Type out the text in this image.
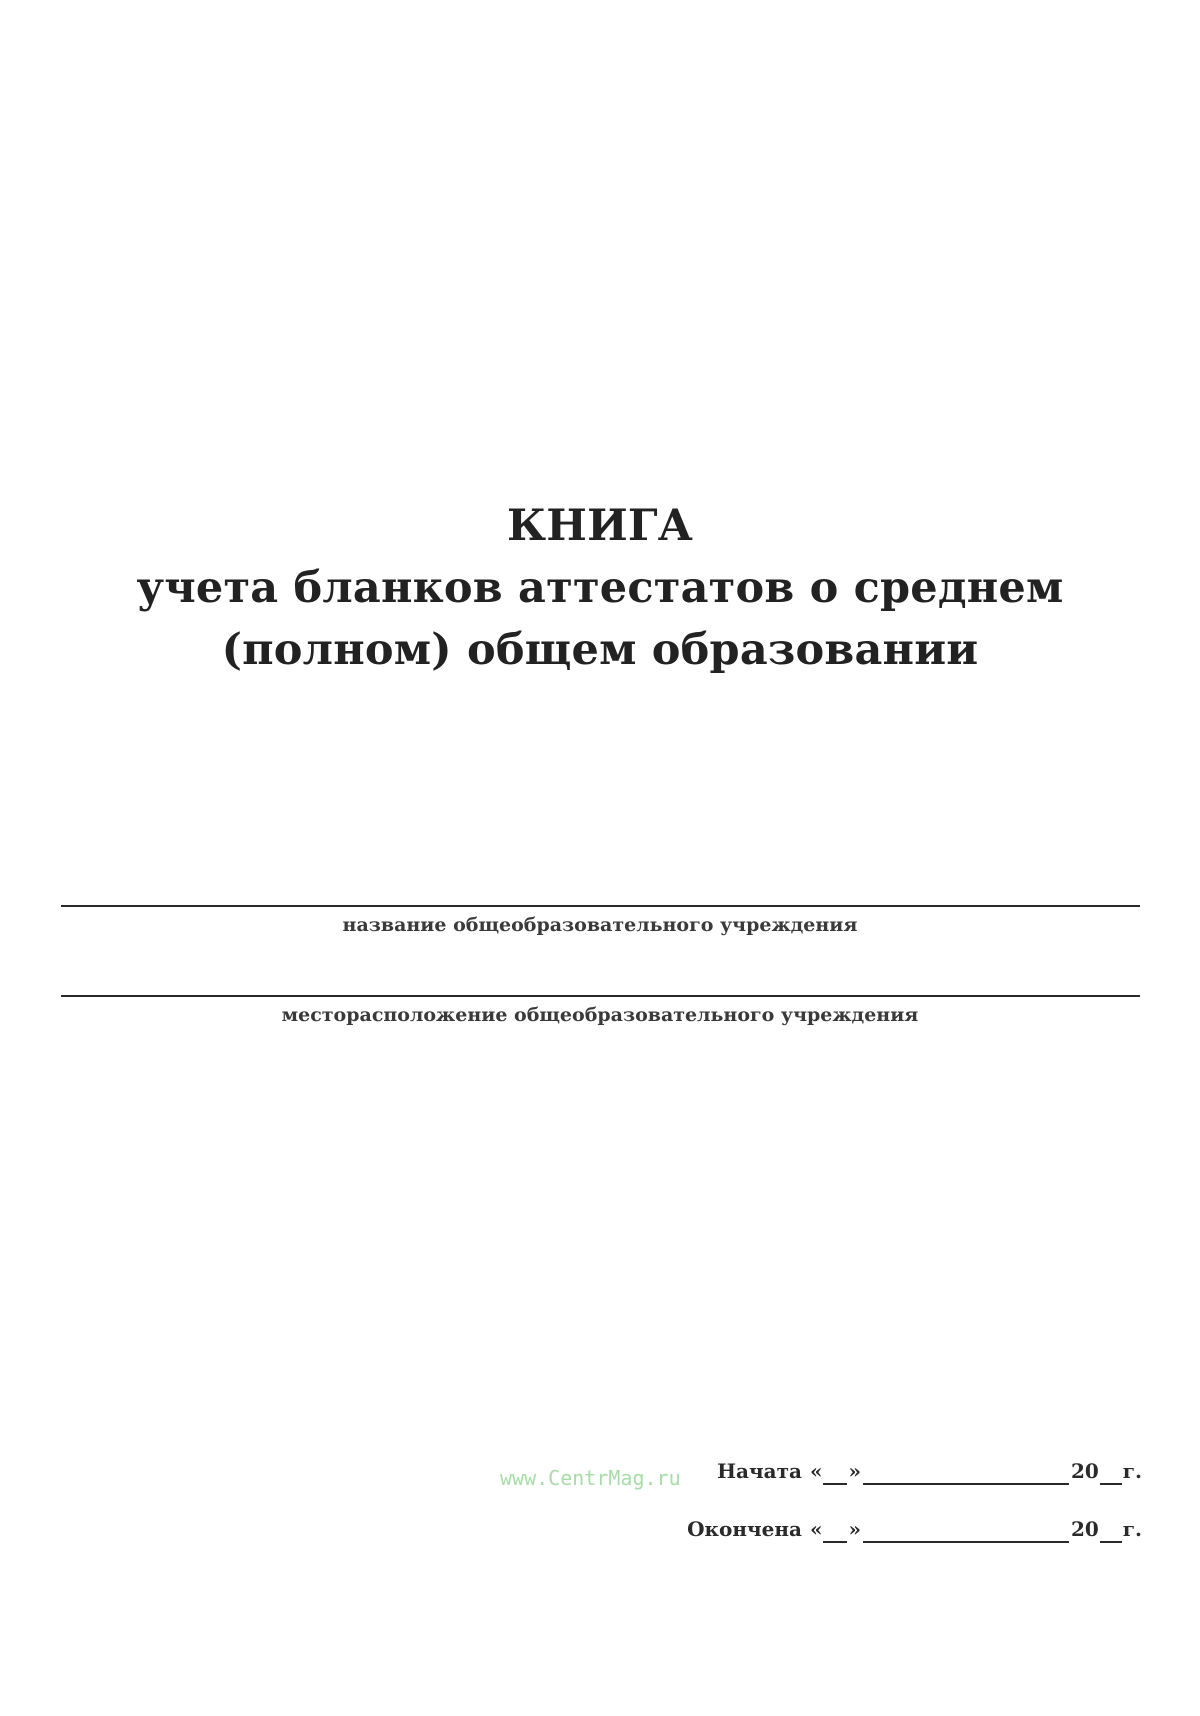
КНИГА
учета бланков аттестатов о среднем
(полном) общем образовании
название общеобразовательного учреждения
месторасположение общеобразовательного учреждения
www.CentrMag.ru Начата «
»
	20
г.
Окончена «
»
	20
г.
